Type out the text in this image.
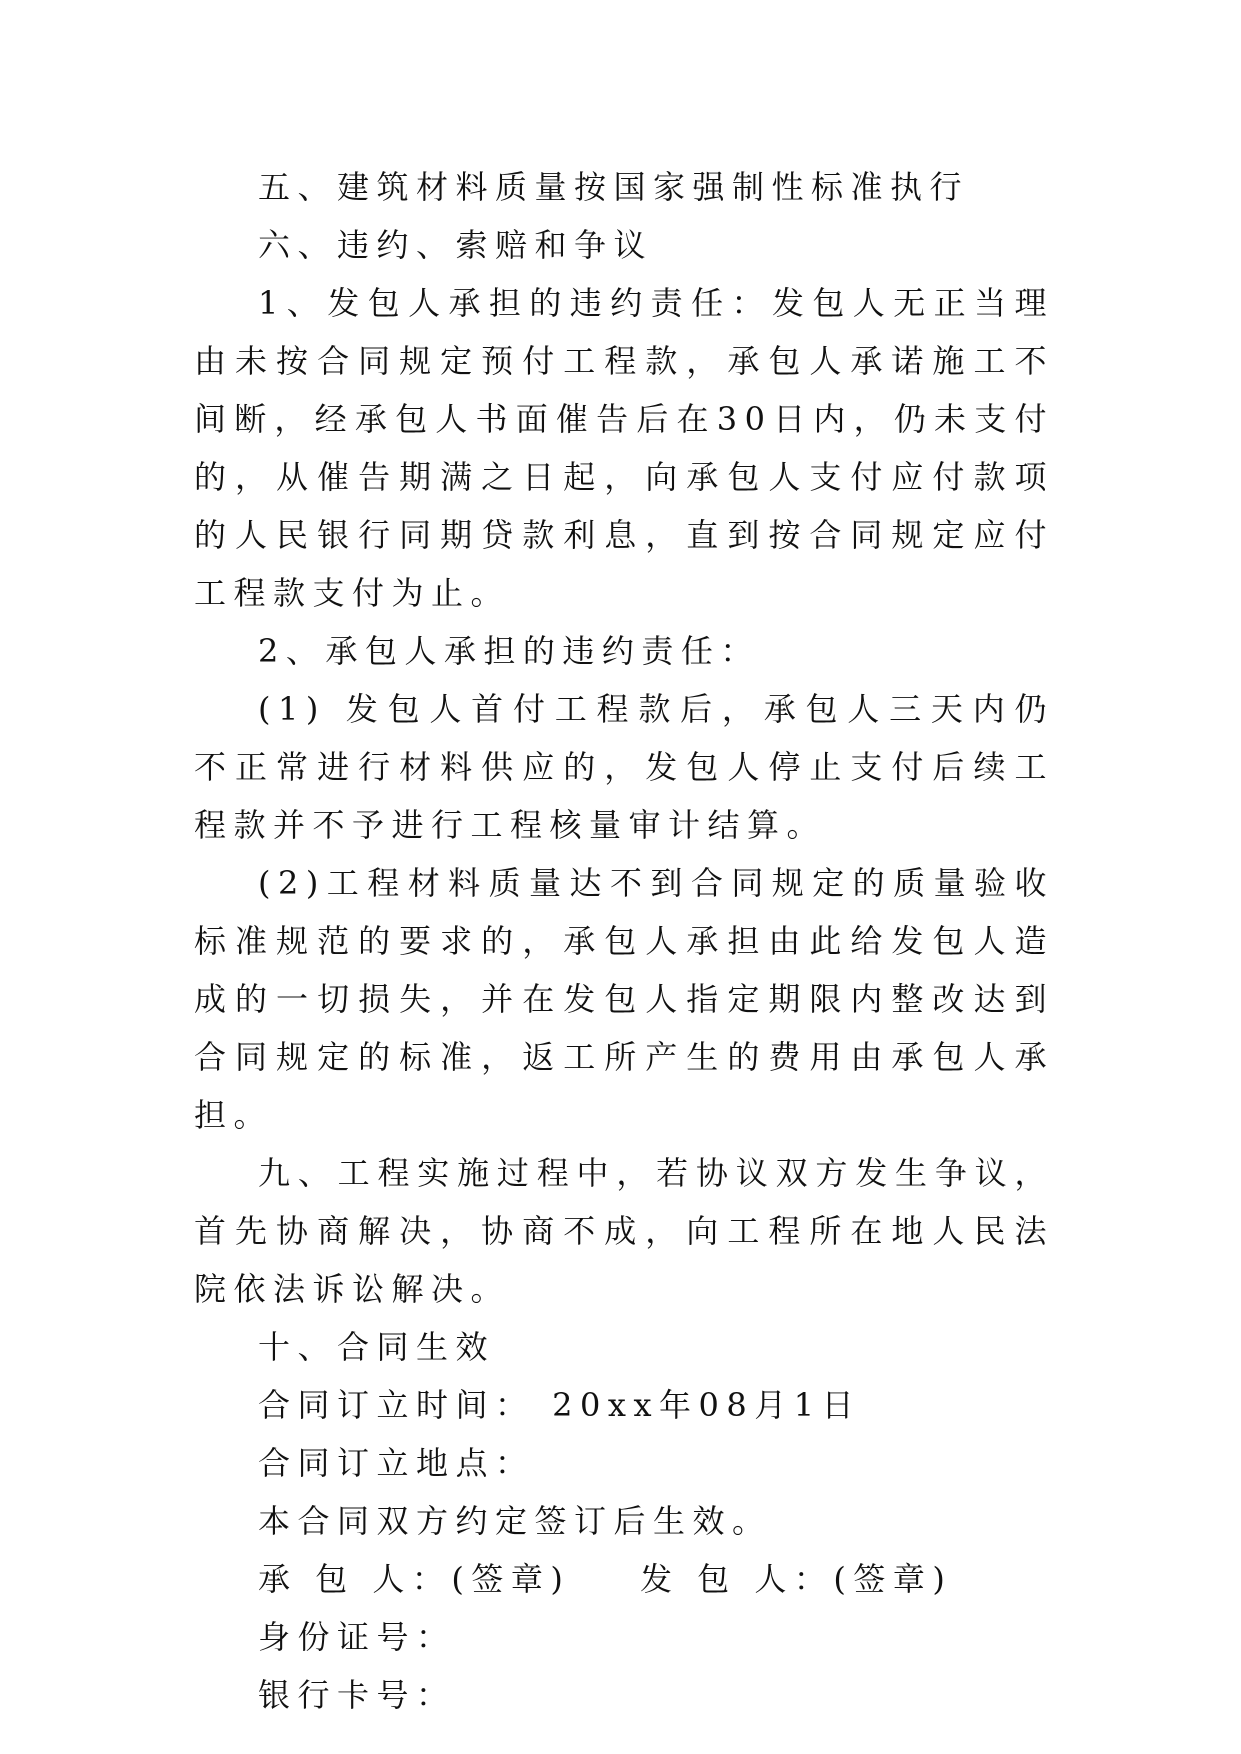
五、建筑材料质量按国家强制性标准执行

六、违约、索赔和争议

1、发包人承担的违约责任：发包人无正当理由未按合同规定预付工程款，承包人承诺施工不间断，经承包人书面催告后在30日内，仍未支付的，从催告期满之日起，向承包人支付应付款项的人民银行同期贷款利息，直到按合同规定应付工程款支付为止。

2、承包人承担的违约责任：

(1) 发包人首付工程款后，承包人三天内仍不正常进行材料供应的，发包人停止支付后续工程款并不予进行工程核量审计结算。

(2)工程材料质量达不到合同规定的质量验收标准规范的要求的，承包人承担由此给发包人造成的一切损失，并在发包人指定期限内整改达到合同规定的标准，返工所产生的费用由承包人承担。

九、工程实施过程中，若协议双方发生争议，首先协商解决，协商不成，向工程所在地人民法院依法诉讼解决。

十、合同生效

合同订立时间： 20xx年08月1日

合同订立地点：

本合同双方约定签订后生效。

承 包 人：(签章)	发 包 人：(签章)

身份证号：

银行卡号：
